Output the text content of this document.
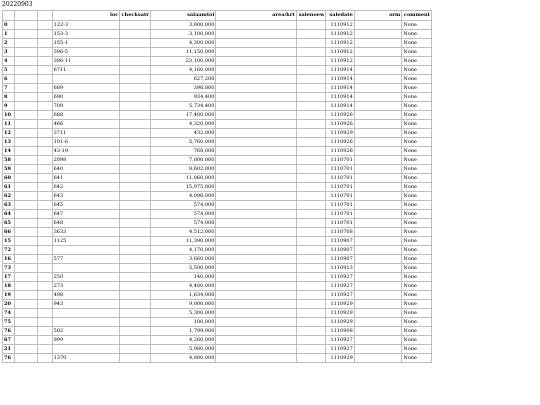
20220903
			loc	checksatr	salaamtoi	area/krt	salenoew	saledate	orm	comment
0			122-3		3,800,000			1110912		None
1			153-3		3,100,000			1110912		None
2			155-1		4,300,000			1110912		None
3			396-5		11,150,000			1110912		None
4			396-11		23,100,000			1110912		None
5			6711		4,160,000			1110914		None
6					627,200			1110914		None
7			689		396,800			1110914		None
8			690		934,400			1110914		None
9			709		5,734,400			1110914		None
10			688		17,400,000			1110926		None
11			466		4,320,000			1110926		None
12			3711		432,000			1110929		None
13			101-6		5,760,000			1110926		None
14			43-19		768,000			1110926		None
58			2098		7,000,000			1110701		None
59			640		8,602,000			1110701		None
60			641		11,060,000			1110701		None
61			642		15,975,000			1110701		None
62			643		4,096,000			1110701		None
63			645		574,000			1110701		None
64			647		574,000			1110701		None
65			648		574,000			1110701		None
66			3633		4,512,000			1110708		None
15			1125		11,390,000			1110907		None
72					4,170,000			1110907		None
16			577		3,660,000			1110907		None
73					5,500,000			1110913		None
17			250		140,000			1110927		None
18			273		4,400,000			1110927		None
19			498		1,634,000			1110927		None
20			943		9,000,000			1110929		None
74					5,300,000			1110929		None
75					100,000			1110929		None
76			502		1,799,000			1110908		None
67			999		4,260,000			1110927		None
21					5,080,000			1110927		None
76			1370		4,800,000			1110929		None
